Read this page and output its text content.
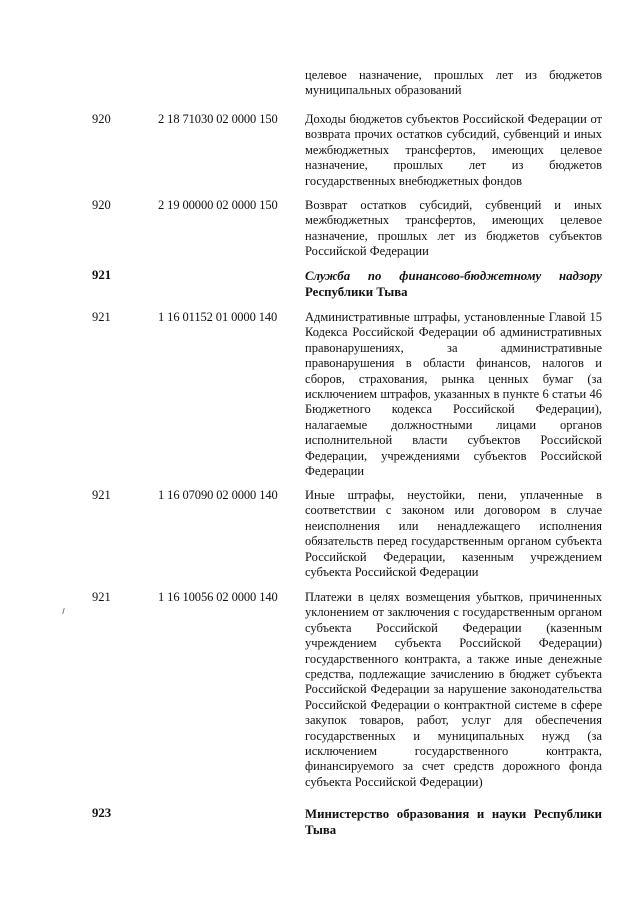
целевое назначение, прошлых лет из бюджетов муниципальных образований
920	2 18 71030 02 0000 150 Доходы бюджетов субъектов Российской Федерации от возврата прочих остатков субсидий, субвенций и иных межбюджетных трансфертов, имеющих целевое назначение, прошлых лет из бюджетов государственных внебюджетных фондов
920	2 19 00000 02 0000 150 Возврат остатков субсидий, субвенций и иных межбюджетных трансфертов, имеющих целевое назначение, прошлых лет из бюджетов субъектов Российской Федерации
921	Служба по финансово-бюджетному надзору Республики Тыва
921	1 16 01152 01 0000 140 Административные штрафы, установленные Главой 15 Кодекса Российской Федерации об административных правонарушениях, за административные правонарушения в области финансов, налогов и сборов, страхования, рынка ценных бумаг (за исключением штрафов, указанных в пункте 6 статьи 46 Бюджетного кодекса Российской Федерации), налагаемые должностными лицами органов исполнительной власти субъектов Российской Федерации, учреждениями субъектов Российской Федерации
921	1 16 07090 02 0000 140 Иные штрафы, неустойки, пени, уплаченные в соответствии с законом или договором в случае неисполнения или ненадлежащего исполнения обязательств перед государственным органом субъекта Российской Федерации, казенным учреждением субъекта Российской Федерации
921	1 16 10056 02 0000 140 Платежи в целях возмещения убытков, причиненных уклонением от заключения с государственным органом субъекта Российской Федерации (казенным учреждением субъекта Российской Федерации) государственного контракта, а также иные денежные средства, подлежащие зачислению в бюджет субъекта Российской Федерации за нарушение законодательства Российской Федерации о контрактной системе в сфере закупок товаров, работ, услуг для обеспечения государственных и муниципальных нужд (за исключением государственного контракта, финансируемого за счет средств дорожного фонда субъекта Российской Федерации)
923	Министерство образования и науки Республики Тыва
